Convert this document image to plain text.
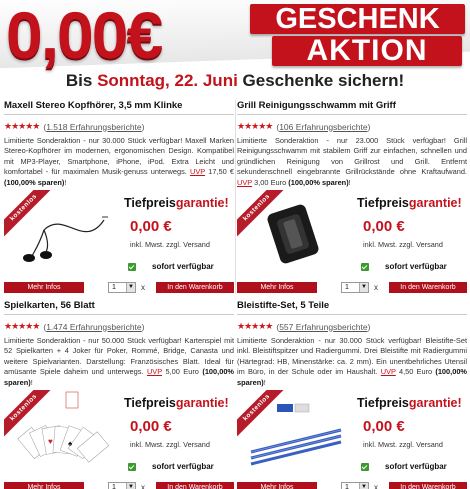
0,00€	GESCHENK
AKTION
Bis Sonntag, 22. Juni Geschenke sichern!
Maxell Stereo Kopfhörer, 3,5 mm Klinke
★★★★★ ( 1.518 Erfahrungsberichte )
Limitierte Sonderaktion - nur 30.000 Stück verfügbar! Maxell Marken Stereo-Kopfhörer im modernen, ergonomischen Design. Kompatibel mit MP3-Player, Smartphone, iPhone, iPod. Extra Leicht und komfortabel - für maximalen Musik-genuss unterwegs. UVP 17,50 € (100,00% sparen)!
kostenlos	Tiefpreisgarantie!
0,00 €
inkl. Mwst. zzgl. Versand
sofort verfügbar
Mehr Infos	1	▼ x	In den Warenkorb
Grill Reinigungsschwamm mit Griff
★★★★★ ( 106 Erfahrungsberichte )
Limitierte Sonderaktion - nur 23.000 Stück verfügbar! Grill Reinigungsschwamm mit stabilem Griff zur einfachen, schnellen und gründlichen Reinigung von Grillrost und Grill. Entfernt sekundenschnell eingebrannte Grillrückstände ohne Kraftaufwand. UVP 3,00 Euro (100,00% sparen)!
kostenlos	Tiefpreisgarantie!
0,00 €
inkl. Mwst. zzgl. Versand
sofort verfügbar
Mehr Infos	1	▼ x	In den Warenkorb
Spielkarten, 56 Blatt
★★★★★ ( 1.474 Erfahrungsberichte )
Limitierte Sonderaktion - nur 50.000 Stück verfügbar! Kartenspiel mit 52 Spielkarten + 4 Joker für Poker, Rommé, Bridge, Canasta und weitere Spielvarianten. Darstellung: Französisches Blatt. Ideal für amüsante Spiele daheim und unterwegs. UVP 5,00 Euro (100,00% sparen)!
kostenlos
♥ ♠
Tiefpreisgarantie!
0,00 €
inkl. Mwst. zzgl. Versand
sofort verfügbar
Mehr Infos	1	▼ x	In den Warenkorb
Bleistifte-Set, 5 Teile
★★★★★ ( 557 Erfahrungsberichte )
Limitierte Sonderaktion - nur 30.000 Stück verfügbar! Bleistifte-Set inkl. Bleistiftspitzer und Radiergummi. Drei Bleistifte mit Radiergummi (Härtegrad: HB, Minenstärke: ca. 2 mm). Ein unentbehrliches Utensil im Büro, in der Schule oder im Haushalt. UVP 4,50 Euro (100,00% sparen)!
kostenlos	Tiefpreisgarantie!
0,00 €
inkl. Mwst. zzgl. Versand
sofort verfügbar
Mehr Infos	1	▼ x	In den Warenkorb
